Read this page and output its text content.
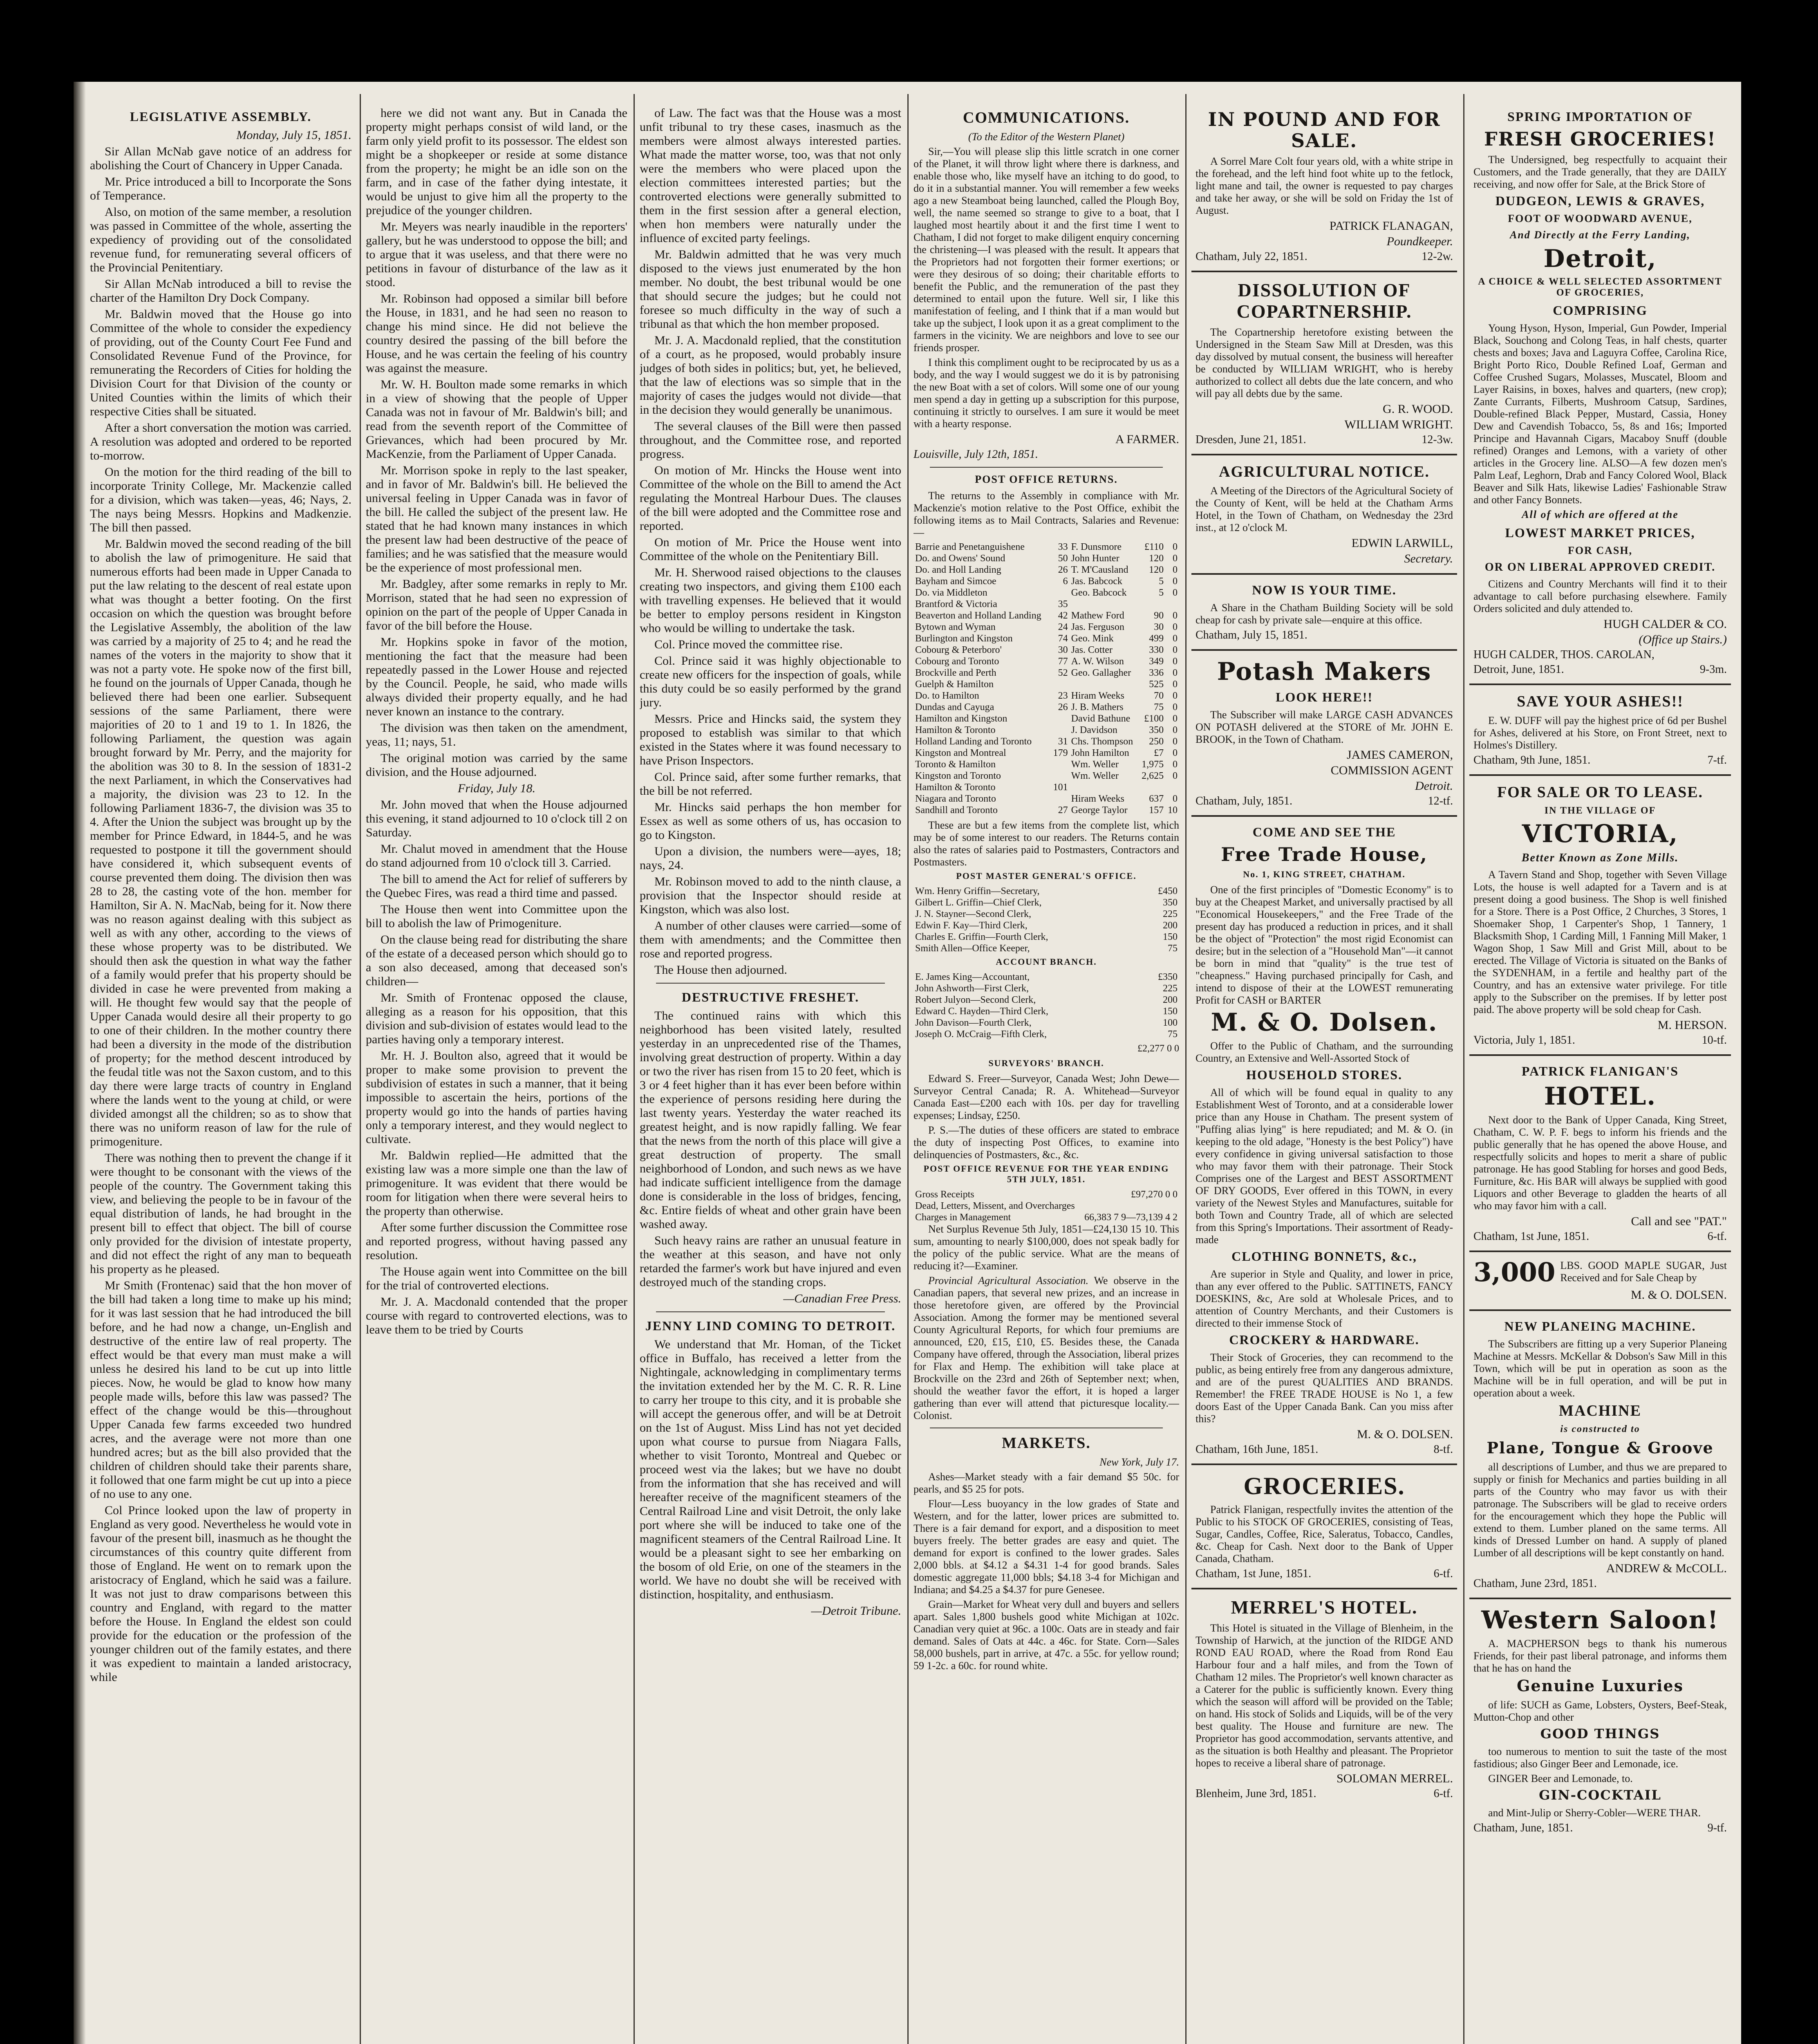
LEGISLATIVE ASSEMBLY.

Monday, July 15, 1851.

Sir Allan McNab gave notice of an address for abolishing the Court of Chancery in Upper Canada.

Mr. Price introduced a bill to Incorporate the Sons of Temperance.

Also, on motion of the same member, a resolution was passed in Committee of the whole, asserting the expediency of providing out of the consolidated revenue fund, for remunerating several officers of the Provincial Penitentiary.

Sir Allan McNab introduced a bill to revise the charter of the Hamilton Dry Dock Company.

Mr. Baldwin moved that the House go into Committee of the whole to consider the expediency of providing, out of the County Court Fee Fund and Consolidated Revenue Fund of the Province, for remunerating the Recorders of Cities for holding the Division Court for that Division of the county or United Counties within the limits of which their respective Cities shall be situated.

After a short conversation the motion was carried. A resolution was adopted and ordered to be reported to-morrow.

On the motion for the third reading of the bill to incorporate Trinity College, Mr. Mackenzie called for a division, which was taken—yeas, 46; Nays, 2. The nays being Messrs. Hopkins and Madkenzie. The bill then passed.

Mr. Baldwin moved the second reading of the bill to abolish the law of primogeniture. He said that numerous efforts had been made in Upper Canada to put the law relating to the descent of real estate upon what was thought a better footing. On the first occasion on which the question was brought before the Legislative Assembly, the abolition of the law was carried by a majority of 25 to 4; and he read the names of the voters in the majority to show that it was not a party vote. He spoke now of the first bill, he found on the journals of Upper Canada, though he believed there had been one earlier. Subsequent sessions of the same Parliament, there were majorities of 20 to 1 and 19 to 1. In 1826, the following Parliament, the question was again brought forward by Mr. Perry, and the majority for the abolition was 30 to 8. In the session of 1831-2 the next Parliament, in which the Conservatives had a majority, the division was 23 to 12. In the following Parliament 1836-7, the division was 35 to 4. After the Union the subject was brought up by the member for Prince Edward, in 1844-5, and he was requested to postpone it till the government should have considered it, which subsequent events of course prevented them doing. The division then was 28 to 28, the casting vote of the hon. member for Hamilton, Sir A. N. MacNab, being for it. Now there was no reason against dealing with this subject as well as with any other, according to the views of these whose property was to be distributed. We should then ask the question in what way the father of a family would prefer that his property should be divided in case he were prevented from making a will. He thought few would say that the people of Upper Canada would desire all their property to go to one of their children. In the mother country there had been a diversity in the mode of the distribution of property; for the method descent introduced by the feudal title was not the Saxon custom, and to this day there were large tracts of country in England where the lands went to the young at child, or were divided amongst all the children; so as to show that there was no uniform reason of law for the rule of primogeniture.

There was nothing then to prevent the change if it were thought to be consonant with the views of the people of the country. The Government taking this view, and believing the people to be in favour of the equal distribution of lands, he had brought in the present bill to effect that object. The bill of course only provided for the division of intestate property, and did not effect the right of any man to bequeath his property as he pleased.

Mr Smith (Frontenac) said that the hon mover of the bill had taken a long time to make up his mind; for it was last session that he had introduced the bill before, and he had now a change, un-English and destructive of the entire law of real property. The effect would be that every man must make a will unless he desired his land to be cut up into little pieces. Now, he would be glad to know how many people made wills, before this law was passed? The effect of the change would be this—throughout Upper Canada few farms exceeded two hundred acres, and the average were not more than one hundred acres; but as the bill also provided that the children of children should take their parents share, it followed that one farm might be cut up into a piece of no use to any one.

Col Prince looked upon the law of property in England as very good. Nevertheless he would vote in favour of the present bill, inasmuch as he thought the circumstances of this country quite different from those of England. He went on to remark upon the aristocracy of England, which he said was a failure. It was not just to draw comparisons between this country and England, with regard to the matter before the House. In England the eldest son could provide for the education or the profession of the younger children out of the family estates, and there it was expedient to maintain a landed aristocracy, while

here we did not want any. But in Canada the property might perhaps consist of wild land, or the farm only yield profit to its possessor. The eldest son might be a shopkeeper or reside at some distance from the property; he might be an idle son on the farm, and in case of the father dying intestate, it would be unjust to give him all the property to the prejudice of the younger children.

Mr. Meyers was nearly inaudible in the reporters' gallery, but he was understood to oppose the bill; and to argue that it was useless, and that there were no petitions in favour of disturbance of the law as it stood.

Mr. Robinson had opposed a similar bill before the House, in 1831, and he had seen no reason to change his mind since. He did not believe the country desired the passing of the bill before the House, and he was certain the feeling of his country was against the measure.

Mr. W. H. Boulton made some remarks in which in a view of showing that the people of Upper Canada was not in favour of Mr. Baldwin's bill; and read from the seventh report of the Committee of Grievances, which had been procured by Mr. MacKenzie, from the Parliament of Upper Canada.

Mr. Morrison spoke in reply to the last speaker, and in favor of Mr. Baldwin's bill. He believed the universal feeling in Upper Canada was in favor of the bill. He called the subject of the present law. He stated that he had known many instances in which the present law had been destructive of the peace of families; and he was satisfied that the measure would be the experience of most professional men.

Mr. Badgley, after some remarks in reply to Mr. Morrison, stated that he had seen no expression of opinion on the part of the people of Upper Canada in favor of the bill before the House.

Mr. Hopkins spoke in favor of the motion, mentioning the fact that the measure had been repeatedly passed in the Lower House and rejected by the Council. People, he said, who made wills always divided their property equally, and he had never known an instance to the contrary.

The division was then taken on the amendment, yeas, 11; nays, 51.

The original motion was carried by the same division, and the House adjourned.

Friday, July 18.

Mr. John moved that when the House adjourned this evening, it stand adjourned to 10 o'clock till 2 on Saturday.

Mr. Chalut moved in amendment that the House do stand adjourned from 10 o'clock till 3. Carried.

The bill to amend the Act for relief of sufferers by the Quebec Fires, was read a third time and passed.

The House then went into Committee upon the bill to abolish the law of Primogeniture.

On the clause being read for distributing the share of the estate of a deceased person which should go to a son also deceased, among that deceased son's children—

Mr. Smith of Frontenac opposed the clause, alleging as a reason for his opposition, that this division and sub-division of estates would lead to the parties having only a temporary interest.

Mr. H. J. Boulton also, agreed that it would be proper to make some provision to prevent the subdivision of estates in such a manner, that it being impossible to ascertain the heirs, portions of the property would go into the hands of parties having only a temporary interest, and they would neglect to cultivate.

Mr. Baldwin replied—He admitted that the existing law was a more simple one than the law of primogeniture. It was evident that there would be room for litigation when there were several heirs to the property than otherwise.

After some further discussion the Committee rose and reported progress, without having passed any resolution.

The House again went into Committee on the bill for the trial of controverted elections.

Mr. J. A. Macdonald contended that the proper course with regard to controverted elections, was to leave them to be tried by Courts

of Law. The fact was that the House was a most unfit tribunal to try these cases, inasmuch as the members were almost always interested parties. What made the matter worse, too, was that not only were the members who were placed upon the election committees interested parties; but the controverted elections were generally submitted to them in the first session after a general election, when hon members were naturally under the influence of excited party feelings.

Mr. Baldwin admitted that he was very much disposed to the views just enumerated by the hon member. No doubt, the best tribunal would be one that should secure the judges; but he could not foresee so much difficulty in the way of such a tribunal as that which the hon member proposed.

Mr. J. A. Macdonald replied, that the constitution of a court, as he proposed, would probably insure judges of both sides in politics; but, yet, he believed, that the law of elections was so simple that in the majority of cases the judges would not divide—that in the decision they would generally be unanimous.

The several clauses of the Bill were then passed throughout, and the Committee rose, and reported progress.

On motion of Mr. Hincks the House went into Committee of the whole on the Bill to amend the Act regulating the Montreal Harbour Dues. The clauses of the bill were adopted and the Committee rose and reported.

On motion of Mr. Price the House went into Committee of the whole on the Penitentiary Bill.

Mr. H. Sherwood raised objections to the clauses creating two inspectors, and giving them £100 each with travelling expenses. He believed that it would be better to employ persons resident in Kingston who would be willing to undertake the task.

Col. Prince moved the committee rise.

Col. Prince said it was highly objectionable to create new officers for the inspection of goals, while this duty could be so easily performed by the grand jury.

Messrs. Price and Hincks said, the system they proposed to establish was similar to that which existed in the States where it was found necessary to have Prison Inspectors.

Col. Prince said, after some further remarks, that the bill be not referred.

Mr. Hincks said perhaps the hon member for Essex as well as some others of us, has occasion to go to Kingston.

Upon a division, the numbers were—ayes, 18; nays, 24.

Mr. Robinson moved to add to the ninth clause, a provision that the Inspector should reside at Kingston, which was also lost.

A number of other clauses were carried—some of them with amendments; and the Committee then rose and reported progress.

The House then adjourned.

DESTRUCTIVE FRESHET.

The continued rains with which this neighborhood has been visited lately, resulted yesterday in an unprecedented rise of the Thames, involving great destruction of property. Within a day or two the river has risen from 15 to 20 feet, which is 3 or 4 feet higher than it has ever been before within the experience of persons residing here during the last twenty years. Yesterday the water reached its greatest height, and is now rapidly falling. We fear that the news from the north of this place will give a great destruction of property. The small neighborhood of London, and such news as we have had indicate sufficient intelligence from the damage done is considerable in the loss of bridges, fencing, &c. Entire fields of wheat and other grain have been washed away.

Such heavy rains are rather an unusual feature in the weather at this season, and have not only retarded the farmer's work but have injured and even destroyed much of the standing crops.

—Canadian Free Press.

JENNY LIND COMING TO DETROIT.

We understand that Mr. Homan, of the Ticket office in Buffalo, has received a letter from the Nightingale, acknowledging in complimentary terms the invitation extended her by the M. C. R. R. Line to carry her troupe to this city, and it is probable she will accept the generous offer, and will be at Detroit on the 1st of August. Miss Lind has not yet decided upon what course to pursue from Niagara Falls, whether to visit Toronto, Montreal and Quebec or proceed west via the lakes; but we have no doubt from the information that she has received and will hereafter receive of the magnificent steamers of the Central Railroad Line and visit Detroit, the only lake port where she will be induced to take one of the magnificent steamers of the Central Railroad Line. It would be a pleasant sight to see her embarking on the bosom of old Erie, on one of the steamers in the world. We have no doubt she will be received with distinction, hospitality, and enthusiasm.

—Detroit Tribune.

COMMUNICATIONS.

(To the Editor of the Western Planet)

Sir,—You will please slip this little scratch in one corner of the Planet, it will throw light where there is darkness, and enable those who, like myself have an itching to do good, to do it in a substantial manner. You will remember a few weeks ago a new Steamboat being launched, called the Plough Boy, well, the name seemed so strange to give to a boat, that I laughed most heartily about it and the first time I went to Chatham, I did not forget to make diligent enquiry concerning the christening—I was pleased with the result. It appears that the Proprietors had not forgotten their former exertions; or were they desirous of so doing; their charitable efforts to benefit the Public, and the remuneration of the past they determined to entail upon the future. Well sir, I like this manifestation of feeling, and I think that if a man would but take up the subject, I look upon it as a great compliment to the farmers in the vicinity. We are neighbors and love to see our friends prosper.

I think this compliment ought to be reciprocated by us as a body, and the way I would suggest we do it is by patronising the new Boat with a set of colors. Will some one of our young men spend a day in getting up a subscription for this purpose, continuing it strictly to ourselves. I am sure it would be meet with a hearty response.

A FARMER.
Louisville, July 12th, 1851.
POST OFFICE RETURNS.

The returns to the Assembly in compliance with Mr. Mackenzie's motion relative to the Post Office, exhibit the following items as to Mail Contracts, Salaries and Revenue:—

Barrie and Penetanguishene	33	F. Dunsmore	£110	0
Do. and Owens' Sound	50	John Hunter	120	0
Do. and Holl Landing	26	T. M'Causland	120	0
Bayham and Simcoe	6	Jas. Babcock	5	0
Do. via Middleton		Geo. Babcock	5	0
Brantford & Victoria	35			
Beaverton and Holland Landing	42	Mathew Ford	90	0
Bytown and Wyman	24	Jas. Ferguson	30	0
Burlington and Kingston	74	Geo. Mink	499	0
Cobourg & Peterboro'	30	Jas. Cotter	330	0
Cobourg and Toronto	77	A. W. Wilson	349	0
Brockville and Perth	52	Geo. Gallagher	336	0
Guelph & Hamilton			525	0
Do. to Hamilton	23	Hiram Weeks	70	0
Dundas and Cayuga	26	J. B. Mathers	75	0
Hamilton and Kingston		David Bathune	£100	0
Hamilton & Toronto		J. Davidson	350	0
Holland Landing and Toronto	31	Chs. Thompson	250	0
Kingston and Montreal	179	John Hamilton	£7	0
Toronto & Hamilton		Wm. Weller	1,975	0
Kingston and Toronto		Wm. Weller	2,625	0
Hamilton & Toronto	101			
Niagara and Toronto		Hiram Weeks	637	0
Sandhill and Toronto	27	George Taylor	157	10

These are but a few items from the complete list, which may be of some interest to our readers. The Returns contain also the rates of salaries paid to Postmasters, Contractors and Postmasters.

POST MASTER GENERAL'S OFFICE.
Wm. Henry Griffin—Secretary,	£450
Gilbert L. Griffin—Chief Clerk,	350
J. N. Stayner—Second Clerk,	225
Edwin F. Kay—Third Clerk,	200
Charles E. Griffin—Fourth Clerk,	150
Smith Allen—Office Keeper,	75
ACCOUNT BRANCH.
E. James King—Accountant,	£350
John Ashworth—First Clerk,	225
Robert Julyon—Second Clerk,	200
Edward C. Hayden—Third Clerk,	150
John Davison—Fourth Clerk,	100
Joseph O. McCraig—Fifth Clerk,	75
£2,277 0 0
SURVEYORS' BRANCH.

Edward S. Freer—Surveyor, Canada West; John Dewe—Surveyor Central Canada; R. A. Whitehead—Surveyor Canada East—£200 each with 10s. per day for travelling expenses; Lindsay, £250.

P. S.—The duties of these officers are stated to embrace the duty of inspecting Post Offices, to examine into delinquencies of Postmasters, &c., &c.

POST OFFICE REVENUE FOR THE YEAR ENDING 5TH JULY, 1851.
Gross Receipts	£97,270 0 0
Dead, Letters, Missent, and Overcharges	
Charges in Management	66,383 7 9—73,139 4 2

Net Surplus Revenue 5th July, 1851—£24,130 15 10. This sum, amounting to nearly $100,000, does not speak badly for the policy of the public service. What are the means of reducing it?—Examiner.

Provincial Agricultural Association. We observe in the Canadian papers, that several new prizes, and an increase in those heretofore given, are offered by the Provincial Association. Among the former may be mentioned several County Agricultural Reports, for which four premiums are announced, £20, £15, £10, £5. Besides these, the Canada Company have offered, through the Association, liberal prizes for Flax and Hemp. The exhibition will take place at Brockville on the 23rd and 26th of September next; when, should the weather favor the effort, it is hoped a larger gathering than ever will attend that picturesque locality.—Colonist.

MARKETS.

New York, July 17.

Ashes—Market steady with a fair demand $5 50c. for pearls, and $5 25 for pots.

Flour—Less buoyancy in the low grades of State and Western, and for the latter, lower prices are submitted to. There is a fair demand for export, and a disposition to meet buyers freely. The better grades are easy and quiet. The demand for export is confined to the lower grades. Sales 2,000 bbls. at $4.12 a $4.31 1-4 for good brands. Sales domestic aggregate 11,000 bbls; $4.18 3-4 for Michigan and Indiana; and $4.25 a $4.37 for pure Genesee.

Grain—Market for Wheat very dull and buyers and sellers apart. Sales 1,800 bushels good white Michigan at 102c. Canadian very quiet at 96c. a 100c. Oats are in steady and fair demand. Sales of Oats at 44c. a 46c. for State. Corn—Sales 58,000 bushels, part in arrive, at 47c. a 55c. for yellow round; 59 1-2c. a 60c. for round white.

IN POUND AND FOR SALE.

A Sorrel Mare Colt four years old, with a white stripe in the forehead, and the left hind foot white up to the fetlock, light mane and tail, the owner is requested to pay charges and take her away, or she will be sold on Friday the 1st of August.

PATRICK FLANAGAN,
Poundkeeper.
Chatham, July 22, 1851.	12-2w.
DISSOLUTION OF COPARTNERSHIP.

The Copartnership heretofore existing between the Undersigned in the Steam Saw Mill at Dresden, was this day dissolved by mutual consent, the business will hereafter be conducted by WILLIAM WRIGHT, who is hereby authorized to collect all debts due the late concern, and who will pay all debts due by the same.

G. R. WOOD.
WILLIAM WRIGHT.
Dresden, June 21, 1851.	12-3w.
AGRICULTURAL NOTICE.

A Meeting of the Directors of the Agricultural Society of the County of Kent, will be held at the Chatham Arms Hotel, in the Town of Chatham, on Wednesday the 23rd inst., at 12 o'clock M.

EDWIN LARWILL,
Secretary.
NOW IS YOUR TIME.

A Share in the Chatham Building Society will be sold cheap for cash by private sale—enquire at this office.

Chatham, July 15, 1851.
Potash Makers
LOOK HERE!!

The Subscriber will make LARGE CASH ADVANCES ON POTASH delivered at the STORE of Mr. JOHN E. BROOK, in the Town of Chatham.

JAMES CAMERON,
COMMISSION AGENT
Detroit.
Chatham, July, 1851.	12-tf.
COME AND SEE THE
Free Trade House,
No. 1, KING STREET, CHATHAM.

One of the first principles of "Domestic Economy" is to buy at the Cheapest Market, and universally practised by all "Economical Housekeepers," and the Free Trade of the present day has produced a reduction in prices, and it shall be the object of "Protection" the most rigid Economist can desire; but in the selection of a "Household Man"—it cannot be born in mind that "quality" is the true test of "cheapness." Having purchased principally for Cash, and intend to dispose of their at the LOWEST remunerating Profit for CASH or BARTER

M. & O. Dolsen.

Offer to the Public of Chatham, and the surrounding Country, an Extensive and Well-Assorted Stock of

HOUSEHOLD STORES.

All of which will be found equal in quality to any Establishment West of Toronto, and at a considerable lower price than any House in Chatham. The present system of "Puffing alias lying" is here repudiated; and M. & O. (in keeping to the old adage, "Honesty is the best Policy") have every confidence in giving universal satisfaction to those who may favor them with their patronage. Their Stock Comprises one of the Largest and BEST ASSORTMENT OF DRY GOODS, Ever offered in this TOWN, in every variety of the Newest Styles and Manufactures, suitable for both Town and Country Trade, all of which are selected from this Spring's Importations. Their assortment of Ready-made

CLOTHING BONNETS, &c.,

Are superior in Style and Quality, and lower in price, than any ever offered to the Public. SATTINETS, FANCY DOESKINS, &c, Are sold at Wholesale Prices, and to attention of Country Merchants, and their Customers is directed to their immense Stock of

CROCKERY & HARDWARE.

Their Stock of Groceries, they can recommend to the public, as being entirely free from any dangerous admixture, and are of the purest QUALITIES AND BRANDS. Remember! the FREE TRADE HOUSE is No 1, a few doors East of the Upper Canada Bank. Can you miss after this?

M. & O. DOLSEN.
Chatham, 16th June, 1851.	8-tf.
GROCERIES.

Patrick Flanigan, respectfully invites the attention of the Public to his STOCK OF GROCERIES, consisting of Teas, Sugar, Candles, Coffee, Rice, Saleratus, Tobacco, Candles, &c. Cheap for Cash. Next door to the Bank of Upper Canada, Chatham.

Chatham, 1st June, 1851.	6-tf.
MERREL'S HOTEL.

This Hotel is situated in the Village of Blenheim, in the Township of Harwich, at the junction of the RIDGE AND ROND EAU ROAD, where the Road from Rond Eau Harbour four and a half miles, and from the Town of Chatham 12 miles. The Proprietor's well known character as a Caterer for the public is sufficiently known. Every thing which the season will afford will be provided on the Table; on hand. His stock of Solids and Liquids, will be of the very best quality. The House and furniture are new. The Proprietor has good accommodation, servants attentive, and as the situation is both Healthy and pleasant. The Proprietor hopes to receive a liberal share of patronage.

SOLOMAN MERREL.
Blenheim, June 3rd, 1851.	6-tf.
SPRING IMPORTATION OF
FRESH GROCERIES!

The Undersigned, beg respectfully to acquaint their Customers, and the Trade generally, that they are DAILY receiving, and now offer for Sale, at the Brick Store of

DUDGEON, LEWIS & GRAVES,
FOOT OF WOODWARD AVENUE,
And Directly at the Ferry Landing,
Detroit,
A CHOICE & WELL SELECTED ASSORTMENT OF GROCERIES,
COMPRISING

Young Hyson, Hyson, Imperial, Gun Powder, Imperial Black, Souchong and Colong Teas, in half chests, quarter chests and boxes; Java and Laguyra Coffee, Carolina Rice, Bright Porto Rico, Double Refined Loaf, German and Coffee Crushed Sugars, Molasses, Muscatel, Bloom and Layer Raisins, in boxes, halves and quarters, (new crop); Zante Currants, Filberts, Mushroom Catsup, Sardines, Double-refined Black Pepper, Mustard, Cassia, Honey Dew and Cavendish Tobacco, 5s, 8s and 16s; Imported Principe and Havannah Cigars, Macaboy Snuff (double refined) Oranges and Lemons, with a variety of other articles in the Grocery line. ALSO—A few dozen men's Palm Leaf, Leghorn, Drab and Fancy Colored Wool, Black Beaver and Silk Hats, likewise Ladies' Fashionable Straw and other Fancy Bonnets.

All of which are offered at the
LOWEST MARKET PRICES,
FOR CASH,
OR ON LIBERAL APPROVED CREDIT.

Citizens and Country Merchants will find it to their advantage to call before purchasing elsewhere. Family Orders solicited and duly attended to.

HUGH CALDER & CO.
(Office up Stairs.)
HUGH CALDER, THOS. CAROLAN,
Detroit, June, 1851.	9-3m.
SAVE YOUR ASHES!!

E. W. DUFF will pay the highest price of 6d per Bushel for Ashes, delivered at his Store, on Front Street, next to Holmes's Distillery.

Chatham, 9th June, 1851.	7-tf.
FOR SALE OR TO LEASE.
IN THE VILLAGE OF
VICTORIA,
Better Known as Zone Mills.

A Tavern Stand and Shop, together with Seven Village Lots, the house is well adapted for a Tavern and is at present doing a good business. The Shop is well finished for a Store. There is a Post Office, 2 Churches, 3 Stores, 1 Shoemaker Shop, 1 Carpenter's Shop, 1 Tannery, 1 Blacksmith Shop, 1 Carding Mill, 1 Fanning Mill Maker, 1 Wagon Shop, 1 Saw Mill and Grist Mill, about to be erected. The Village of Victoria is situated on the Banks of the SYDENHAM, in a fertile and healthy part of the Country, and has an extensive water privilege. For title apply to the Subscriber on the premises. If by letter post paid. The above property will be sold cheap for Cash.

M. HERSON.
Victoria, July 1, 1851.	10-tf.
PATRICK FLANIGAN'S
HOTEL.

Next door to the Bank of Upper Canada, King Street, Chatham, C. W. P. F. begs to inform his friends and the public generally that he has opened the above House, and respectfully solicits and hopes to merit a share of public patronage. He has good Stabling for horses and good Beds, Furniture, &c. His BAR will always be supplied with good Liquors and other Beverage to gladden the hearts of all who may favor him with a call.

Call and see "PAT."
Chatham, 1st June, 1851.	6-tf.
3,000 LBS. GOOD MAPLE SUGAR, Just Received and for Sale Cheap by

M. & O. DOLSEN.
NEW PLANEING MACHINE.

The Subscribers are fitting up a very Superior Planeing Machine at Messrs. McKellar & Dobson's Saw Mill in this Town, which will be put in operation as soon as the Machine will be in full operation, and will be put in operation about a week.

MACHINE
is constructed to
Plane, Tongue & Groove

all descriptions of Lumber, and thus we are prepared to supply or finish for Mechanics and parties building in all parts of the Country who may favor us with their patronage. The Subscribers will be glad to receive orders for the encouragement which they hope the Public will extend to them. Lumber planed on the same terms. All kinds of Dressed Lumber on hand. A supply of planed Lumber of all descriptions will be kept constantly on hand.

ANDREW & McCOLL.
Chatham, June 23rd, 1851.
Western Saloon!

A. MACPHERSON begs to thank his numerous Friends, for their past liberal patronage, and informs them that he has on hand the

Genuine Luxuries

of life: SUCH as Game, Lobsters, Oysters, Beef-Steak, Mutton-Chop and other

GOOD THINGS

too numerous to mention to suit the taste of the most fastidious; also Ginger Beer and Lemonade, ice.

GINGER Beer and Lemonade, to.

GIN-COCKTAIL

and Mint-Julip or Sherry-Cobler—WERE THAR.

Chatham, June, 1851.	9-tf.
